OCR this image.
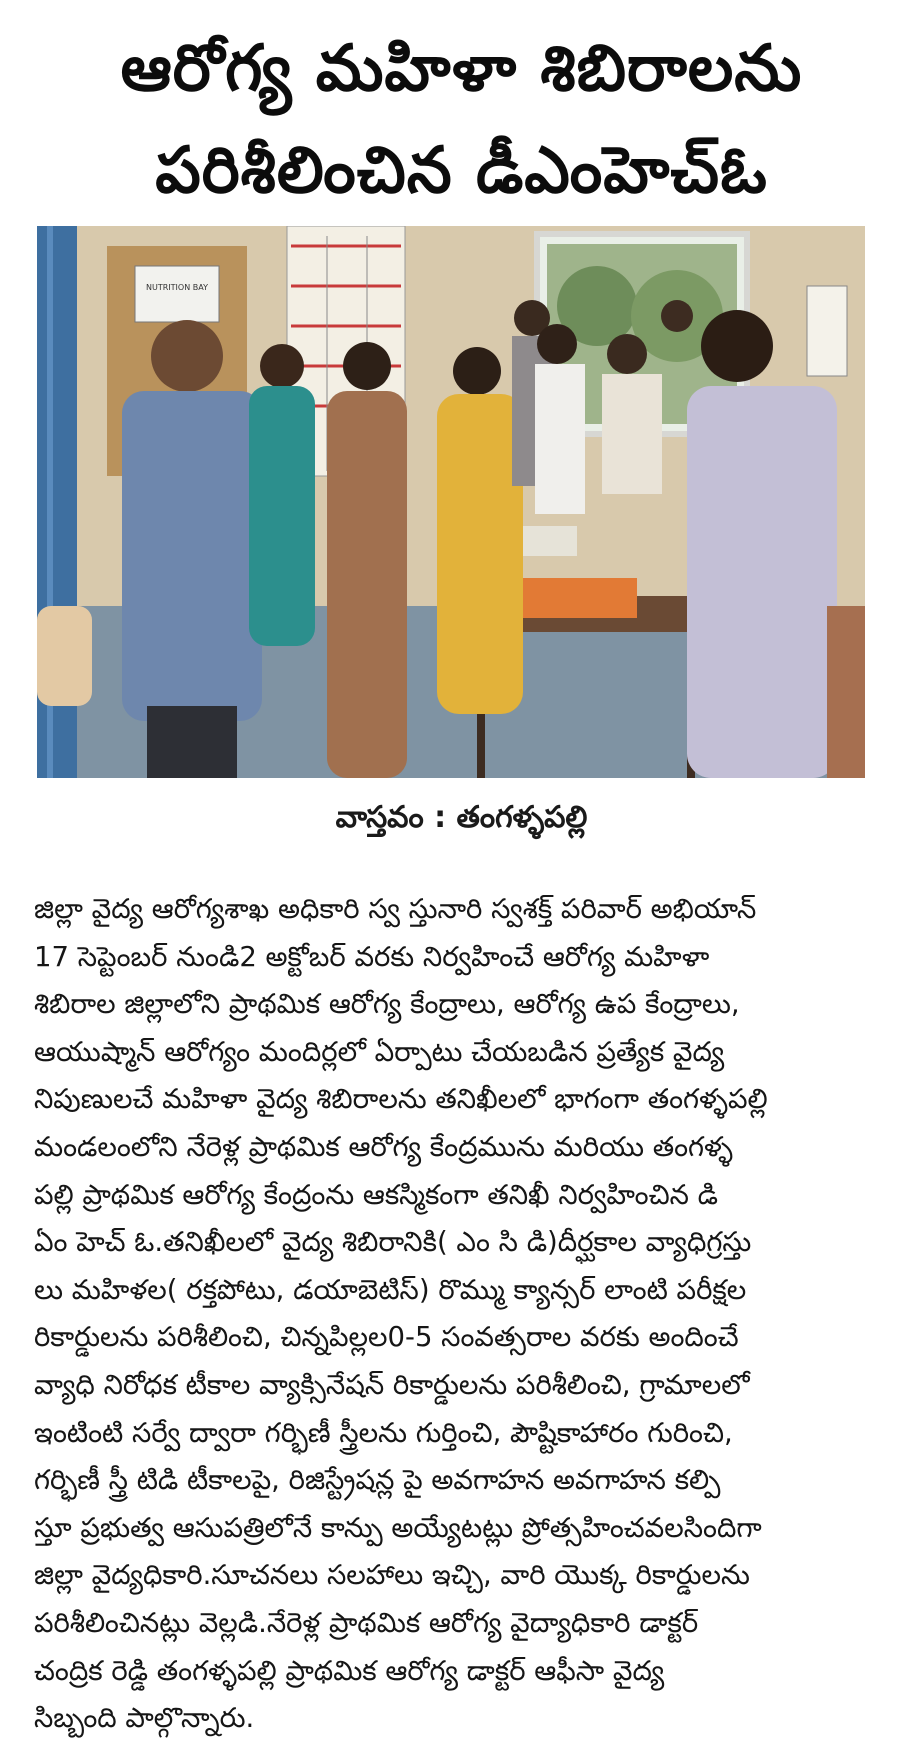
ఆరోగ్య మహిళా శిబిరాలను
పరిశీలించిన డీఎంహెచ్ఓ
NUTRITION BAY
వాస్తవం : తంగళ్ళపల్లి
జిల్లా వైద్య ఆరోగ్యశాఖ అధికారి స్వ స్తునారి స్వశక్త్ పరివార్ అభియాన్
17 సెప్టెంబర్ నుండి2 అక్టోబర్ వరకు నిర్వహించే ఆరోగ్య మహిళా
శిబిరాల జిల్లాలోని ప్రాథమిక ఆరోగ్య కేంద్రాలు, ఆరోగ్య ఉప కేంద్రాలు,
ఆయుష్మాన్ ఆరోగ్యం మందిర్లలో ఏర్పాటు చేయబడిన ప్రత్యేక వైద్య
నిపుణులచే మహిళా వైద్య శిబిరాలను తనిఖీలలో భాగంగా తంగళ్ళపల్లి
మండలంలోని నేరెళ్ల ప్రాథమిక ఆరోగ్య కేంద్రమును మరియు తంగళ్ళ
పల్లి ప్రాథమిక ఆరోగ్య కేంద్రంను ఆకస్మికంగా తనిఖీ నిర్వహించిన డి
ఏం హెచ్ ఓ.తనిఖీలలో వైద్య శిబిరానికి( ఎం సి డి)దీర్ఘకాల వ్యాధిగ్రస్తు
లు మహిళల( రక్తపోటు, డయాబెటిస్) రొమ్ము క్యాన్సర్ లాంటి పరీక్షల
రికార్డులను పరిశీలించి, చిన్నపిల్లల0-5 సంవత్సరాల వరకు అందించే
వ్యాధి నిరోధక టీకాల వ్యాక్సినేషన్ రికార్డులను పరిశీలించి, గ్రామాలలో
ఇంటింటి సర్వే ద్వారా గర్భిణీ స్త్రీలను గుర్తించి, పౌష్టికాహారం గురించి,
గర్భిణీ స్త్రీ టిడి టీకాలపై, రిజిస్ట్రేషన్ల పై అవగాహన అవగాహన కల్పి
స్తూ ప్రభుత్వ ఆసుపత్రిలోనే కాన్పు అయ్యేటట్లు ప్రోత్సహించవలసిందిగా
జిల్లా వైద్యధికారి.సూచనలు సలహాలు ఇచ్చి, వారి యొక్క రికార్డులను
పరిశీలించినట్లు వెల్లడి.నేరెళ్ల ప్రాథమిక ఆరోగ్య వైద్యాధికారి డాక్టర్
చంద్రిక రెడ్డి తంగళ్ళపల్లి ప్రాథమిక ఆరోగ్య డాక్టర్ ఆఫీసా వైద్య
సిబ్బంది పాల్గొన్నారు.
